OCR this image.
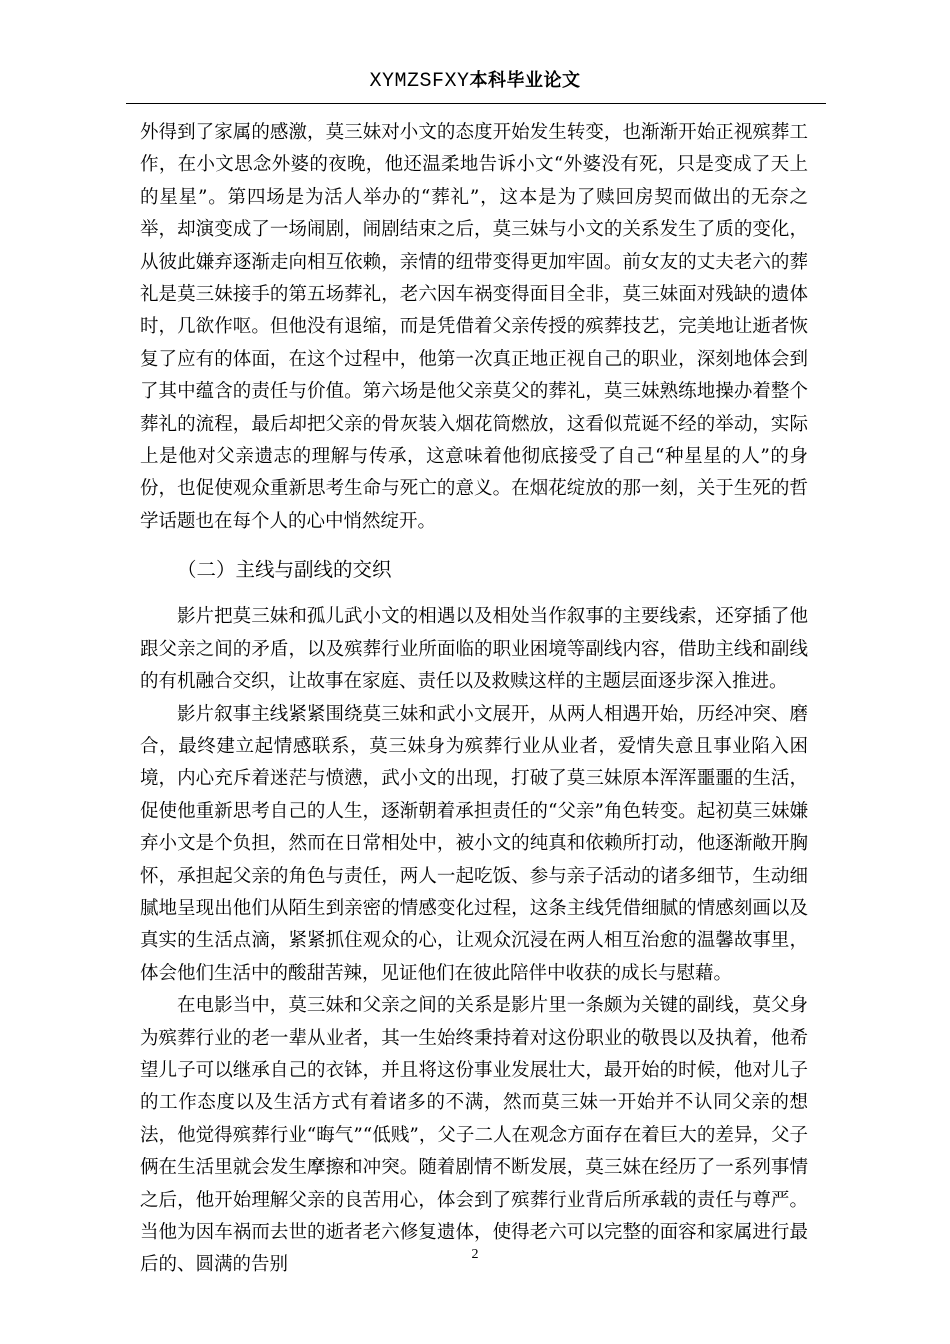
XYMZSFXY本科毕业论文

外得到了家属的感激，莫三妹对小文的态度开始发生转变，也渐渐开始正视殡葬工作，在小文思念外婆的夜晚，他还温柔地告诉小文“外婆没有死，只是变成了天上的星星”。第四场是为活人举办的“葬礼”，这本是为了赎回房契而做出的无奈之举，却演变成了一场闹剧，闹剧结束之后，莫三妹与小文的关系发生了质的变化，从彼此嫌弃逐渐走向相互依赖，亲情的纽带变得更加牢固。前女友的丈夫老六的葬礼是莫三妹接手的第五场葬礼，老六因车祸变得面目全非，莫三妹面对残缺的遗体时，几欲作呕。但他没有退缩，而是凭借着父亲传授的殡葬技艺，完美地让逝者恢复了应有的体面，在这个过程中，他第一次真正地正视自己的职业，深刻地体会到了其中蕴含的责任与价值。第六场是他父亲莫父的葬礼，莫三妹熟练地操办着整个葬礼的流程，最后却把父亲的骨灰装入烟花筒燃放，这看似荒诞不经的举动，实际上是他对父亲遗志的理解与传承，这意味着他彻底接受了自己“种星星的人”的身份，也促使观众重新思考生命与死亡的意义。在烟花绽放的那一刻，关于生死的哲学话题也在每个人的心中悄然绽开。

（二）主线与副线的交织

影片把莫三妹和孤儿武小文的相遇以及相处当作叙事的主要线索，还穿插了他跟父亲之间的矛盾，以及殡葬行业所面临的职业困境等副线内容，借助主线和副线的有机融合交织，让故事在家庭、责任以及救赎这样的主题层面逐步深入推进。

影片叙事主线紧紧围绕莫三妹和武小文展开，从两人相遇开始，历经冲突、磨合，最终建立起情感联系，莫三妹身为殡葬行业从业者，爱情失意且事业陷入困境，内心充斥着迷茫与愤懑，武小文的出现，打破了莫三妹原本浑浑噩噩的生活，促使他重新思考自己的人生，逐渐朝着承担责任的“父亲”角色转变。起初莫三妹嫌弃小文是个负担，然而在日常相处中，被小文的纯真和依赖所打动，他逐渐敞开胸怀，承担起父亲的角色与责任，两人一起吃饭、参与亲子活动的诸多细节，生动细腻地呈现出他们从陌生到亲密的情感变化过程，这条主线凭借细腻的情感刻画以及真实的生活点滴，紧紧抓住观众的心，让观众沉浸在两人相互治愈的温馨故事里，体会他们生活中的酸甜苦辣，见证他们在彼此陪伴中收获的成长与慰藉。

在电影当中，莫三妹和父亲之间的关系是影片里一条颇为关键的副线，莫父身为殡葬行业的老一辈从业者，其一生始终秉持着对这份职业的敬畏以及执着，他希望儿子可以继承自己的衣钵，并且将这份事业发展壮大，最开始的时候，他对儿子的工作态度以及生活方式有着诸多的不满，然而莫三妹一开始并不认同父亲的想法，他觉得殡葬行业“晦气”“低贱”，父子二人在观念方面存在着巨大的差异，父子俩在生活里就会发生摩擦和冲突。随着剧情不断发展，莫三妹在经历了一系列事情之后，他开始理解父亲的良苦用心，体会到了殡葬行业背后所承载的责任与尊严。当他为因车祸而去世的逝者老六修复遗体，使得老六可以完整的面容和家属进行最后的、圆满的告别	2
